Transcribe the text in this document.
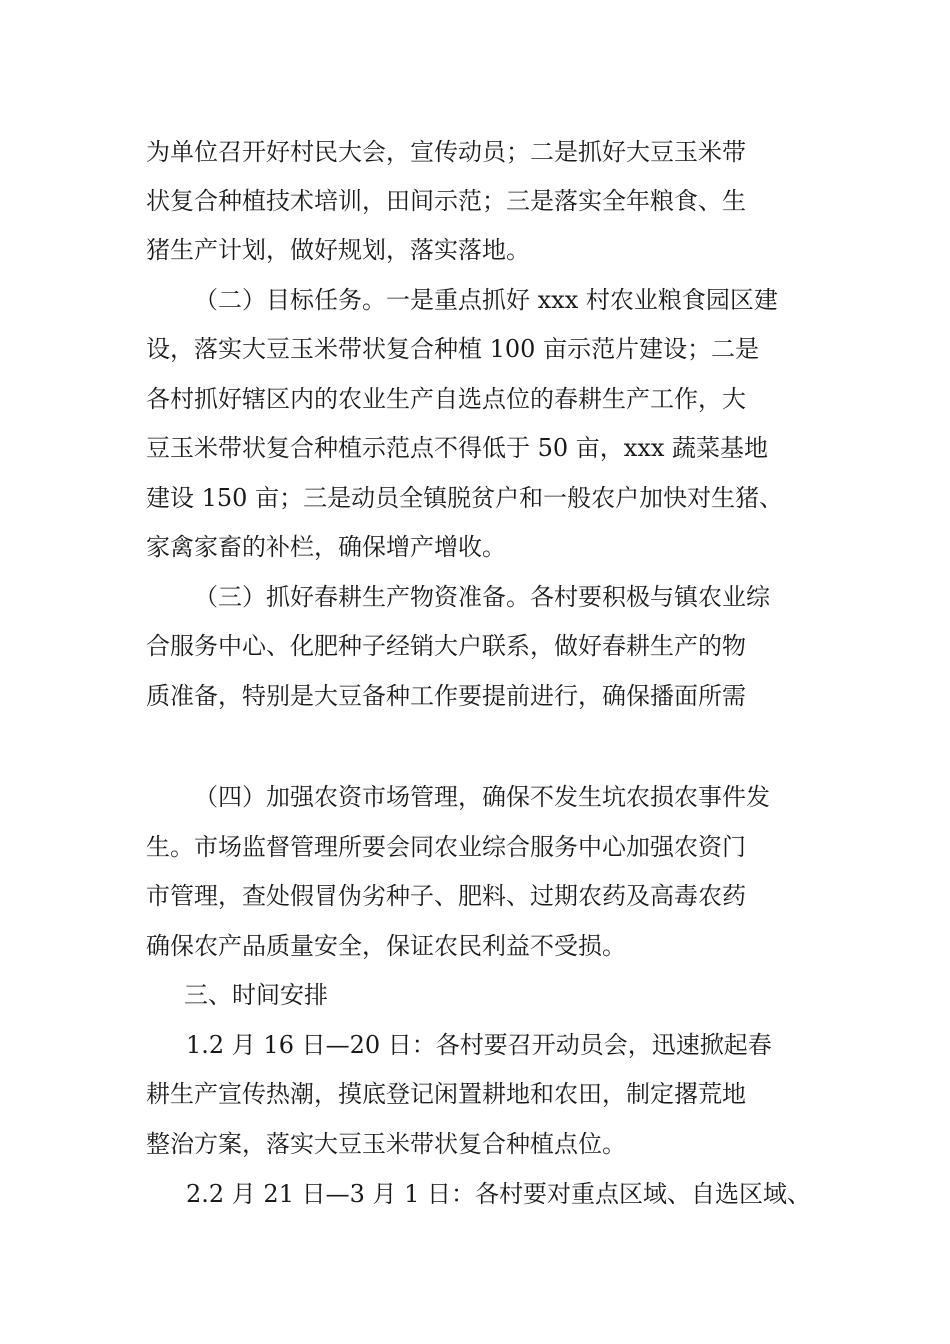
为单位召开好村民大会，宣传动员；二是抓好大豆玉米带
状复合种植技术培训，田间示范；三是落实全年粮食、生
猪生产计划，做好规划，落实落地。
（二）目标任务。一是重点抓好 xxx 村农业粮食园区建
设，落实大豆玉米带状复合种植 100 亩示范片建设；二是
各村抓好辖区内的农业生产自选点位的春耕生产工作，大
豆玉米带状复合种植示范点不得低于 50 亩，xxx 蔬菜基地
建设 150 亩；三是动员全镇脱贫户和一般农户加快对生猪、
家禽家畜的补栏，确保增产增收。
（三）抓好春耕生产物资准备。各村要积极与镇农业综
合服务中心、化肥种子经销大户联系，做好春耕生产的物
质准备，特别是大豆备种工作要提前进行，确保播面所需
（四）加强农资市场管理，确保不发生坑农损农事件发
生。市场监督管理所要会同农业综合服务中心加强农资门
市管理，查处假冒伪劣种子、肥料、过期农药及高毒农药
确保农产品质量安全，保证农民利益不受损。
三、时间安排
1.2 月 16 日—20 日：各村要召开动员会，迅速掀起春
耕生产宣传热潮，摸底登记闲置耕地和农田，制定撂荒地
整治方案，落实大豆玉米带状复合种植点位。
2.2 月 21 日—3 月 1 日：各村要对重点区域、自选区域、
